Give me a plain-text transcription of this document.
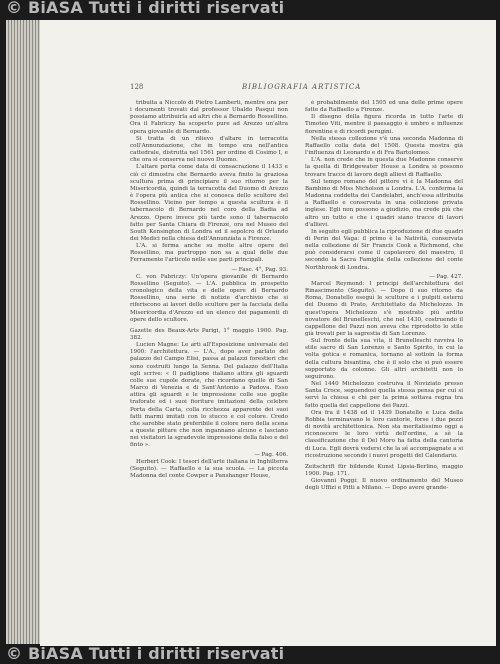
© BiASA Tutti i diritti riservati
© BiASA Tutti i diritti riservati
128	BIBLIOGRAFIA ARTISTICA

tribuita a Niccolò di Pietro Lamberti, mentre ora per i documenti trovati dal professor Ubaldo Pasqui non possiamo attribuirla ad altri che a Bernardo Rossellino. Ora il Fabriczy ha scoperto pure ad Arezzo un'altra opera giovanile di Bernardo.

Si tratta di un rilievo d'altare in terracotta coll'Annunziazione, che in tempo era nell'antica cattedrale, distrutta nel 1561 per ordine di Cosimo I, e che ora si conserva nel nuovo Duomo.

L'altare porta come data di consacrazione il 1433 e ciò ci dimostra che Bernardo aveva finito la graziosa scultura prima di principiare il suo ritorno per la Misericordia, quindi la terracotta del Duomo di Arezzo è l'opera più antica che si conosca dello scultore del Rossellino. Vieino per tempo a questa scultura è il tabernacolo di Bernardo nel coro della Badia ad Arezzo. Opere invece più tarde sono il tabernacolo fatto per Santa Chiara di Firenze, ora nel Museo del South Kensington di Londra ed il sepolcro di Orlando dei Medici nella chiesa dell'Annunziata a Firenze.

L'A. si ferma anche su molte altre opere del Rossellino, ma purtroppo non sa a qual delle due Ferramente l'articolo nelle sue parti principali.

— Fasc. 4°, Pag. 93.

C. von Fabriczy: Un'opera giovanile di Bernardo Rossellino (Seguito). — L'A. pubblica in prospetto cronologico della vita e delle opere di Bernardo Rossellino, una serie di notizie d'archivio che si riferiscono ai lavori dello scultore per la facciata della Misericordia d'Arezzo ed un elenco dei pagamenti di opere dello scultore.

Gazette des Beaux-Arts Parigi, 1° maggio 1900. Pag. 382.

Lucien Magne: Le arti all'Esposizione universale del 1900: l'architettura. — L'A., dopo aver parlato del palazzo del Campo Elisi, passa ai palazzi forestieri che sono costruiti lungo la Senna. Del palazzo dell'Italia egli scrive: « Il padiglione italiano attira gli sguardi colle sue cupole dorate, che ricordano quelle di San Marco di Venezia e di Sant'Antonio a Padova. Esso attira gli sguardi e le impressione colle sue goglie traforate ed i suoi fioriture imitazioni della celebre Porta della Carta, colla ricchezza apparente dei suoi fatti marmi imitati con lo stucco e col colore. Credo che sarebbe stato preferibile il colore nero della scena a queste pitture che non ingannano alcuno e lasciano nei visitatori la sgradevole impressione della falso e del finto ».

— Pag. 406.

Herbert Cook: I tesori dell'arte italiana in Inghilterra (Seguito). — Raffaello e la sua scuola. — La piccola Madonna del conte Cowper a Panshanger House,

è probabilmente del 1505 ed una delle prime opere fatte da Raffaello a Firenze.

Il disegno della figura ricorda in tutto l'arte di Timoteo Viti, mentre il paesaggio è umbro e influenze fiorentine e di ricordi perugini.

Nella stessa collezione v'è una seconda Madonna di Raffaello colla data del 1508. Questa mostra già l'influenza di Leonardo e di Fra Bartolomeo.

L'A. non crede che in questa due Madonne conserve la quella di Bridgewater House a Londra si possono trovare tracce di lavoro degli allievi di Raffaello.

Sul tempo romano del pittore vi è la Madonna del Bambino di Miss Nicholson a Londra. L'A. conferma la Madonna coddetta dei Candelabri, anch'essa attribuita a Raffaello e conservata in una collezione privata inglese. Egli non possono a giudizio, ma crede più che altro un tutto e che i quadri siano tracce di lavori d'allievi.

In seguito egli pubblica la riproduzione di due quadri di Perin del Vaga: il primo è la Natività, conservata nella collezione di Sir Francis Cook a Richmond, che può considerarsi come il capolavoro del maestro, il secondo la Sacra Famiglia della collezione del conte Northbrook di Londra.

— Pag. 427.

Marcel Reymond: I principi dell'architettura del Rinascimento (Seguito). — Dopo il suo ritorno da Roma, Donatello eseguì le sculture e i pulpiti esterni del Duomo di Prato, Architettato da Michelozzo. In quest'opera Michelozzo s'è mostrato più ardito novatore del Brunelleschi, che nel 1430, costruendo il cappellone del Pazzi non aveva che riprodotto lo stile già trovati per la sagrestia di San Lorenzo.

Sul fronte della sua vita, il Brunelleschi ravviva lo stile sacro di San Lorenzo e Santo Spirito, in cui la volta gotica e romanica, tornano al sottoin la forma della cultura bisantina, che è il solo che si può essere sopportato da colonne. Gli altri architetti non lo seguirono.

Nel 1440 Michelozzo costruiva il Noviziato presso Santa Croce, seguendosi quella stessa pensa per cui si servì la chiesa e chi per la prima sottava regna tra fatto quella del cappellone dei Pazzi.

Ora fra il 1438 ed il 1439 Donatello e Luca della Robbia terminavano le loro cantorie, forse i due pezzi di novità architettonica. Non sta meritatissimo oggi a riconoscere le loro virtù dell'ordine, a sè la classificazione che il Del Moro ha fatta della cantoria di Luca. Egli dovrà vedersi che la sé accompagnate a si ricostruzione secondo i nuovi progetti del Calendario.

Zeitschrift für bildende Kunst Lipsia-Berlino, maggio 1900. Pag. 171.

Giovanni Poggi: Il nuovo ordinamento del Museo degli Uffizi e Pitti a Milano. — Dopo avere grande-
